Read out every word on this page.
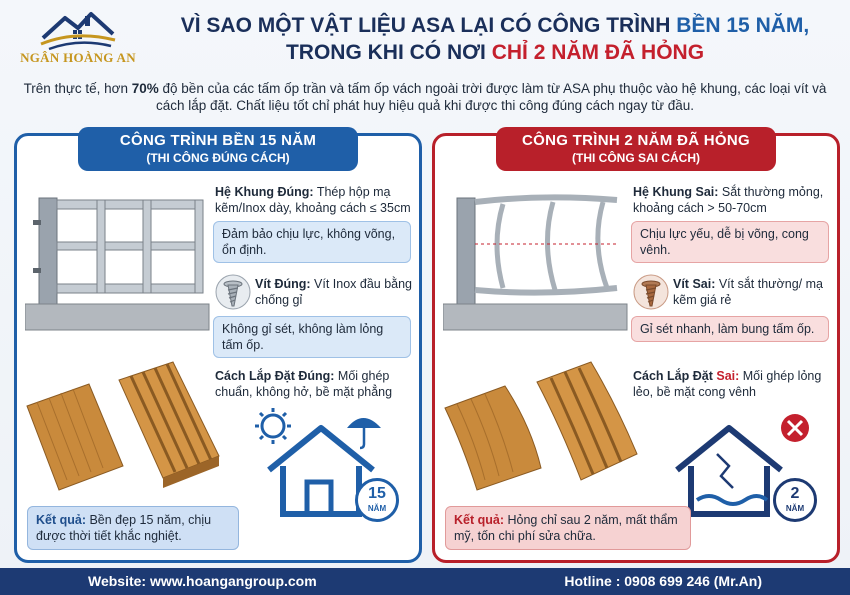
NGÂN HOÀNG AN
VÌ SAO MỘT VẬT LIỆU ASA LẠI CÓ CÔNG TRÌNH BỀN 15 NĂM,
TRONG KHI CÓ NƠI CHỈ 2 NĂM ĐÃ HỎNG
Trên thực tế, hơn 70% độ bền của các tấm ốp trần và tấm ốp vách ngoài trời được làm từ ASA phụ thuộc vào hệ khung, các loại vít và cách lắp đặt. Chất liệu tốt chỉ phát huy hiệu quả khi được thi công đúng cách ngay từ đầu.
CÔNG TRÌNH BỀN 15 NĂM
(THI CÔNG ĐÚNG CÁCH)
Hệ Khung Đúng: Thép hộp mạ kẽm/Inox dày, khoảng cách ≤ 35cm
Đảm bảo chịu lực, không võng, ổn định.
Vít Đúng: Vít Inox đầu bằng chống gỉ
Không gỉ sét, không làm lỏng tấm ốp.
Cách Lắp Đặt Đúng: Mối ghép chuẩn, không hở, bề mặt phẳng
15
NĂM
Kết quả: Bền đẹp 15 năm, chịu được thời tiết khắc nghiệt.
CÔNG TRÌNH 2 NĂM ĐÃ HỎNG
(THI CÔNG SAI CÁCH)
Hệ Khung Sai: Sắt thường mỏng, khoảng cách > 50-70cm
Chịu lực yếu, dễ bị võng, cong vênh.
Vít Sai: Vít sắt thường/ mạ kẽm giá rẻ
Gỉ sét nhanh, làm bung tấm ốp.
Cách Lắp Đặt Sai: Mối ghép lỏng lẻo, bề mặt cong vênh
2
NĂM
Kết quả: Hỏng chỉ sau 2 năm, mất thẩm mỹ, tốn chi phí sửa chữa.
Website: www.hoangangroup.com	Hotline : 0908 699 246 (Mr.An)
